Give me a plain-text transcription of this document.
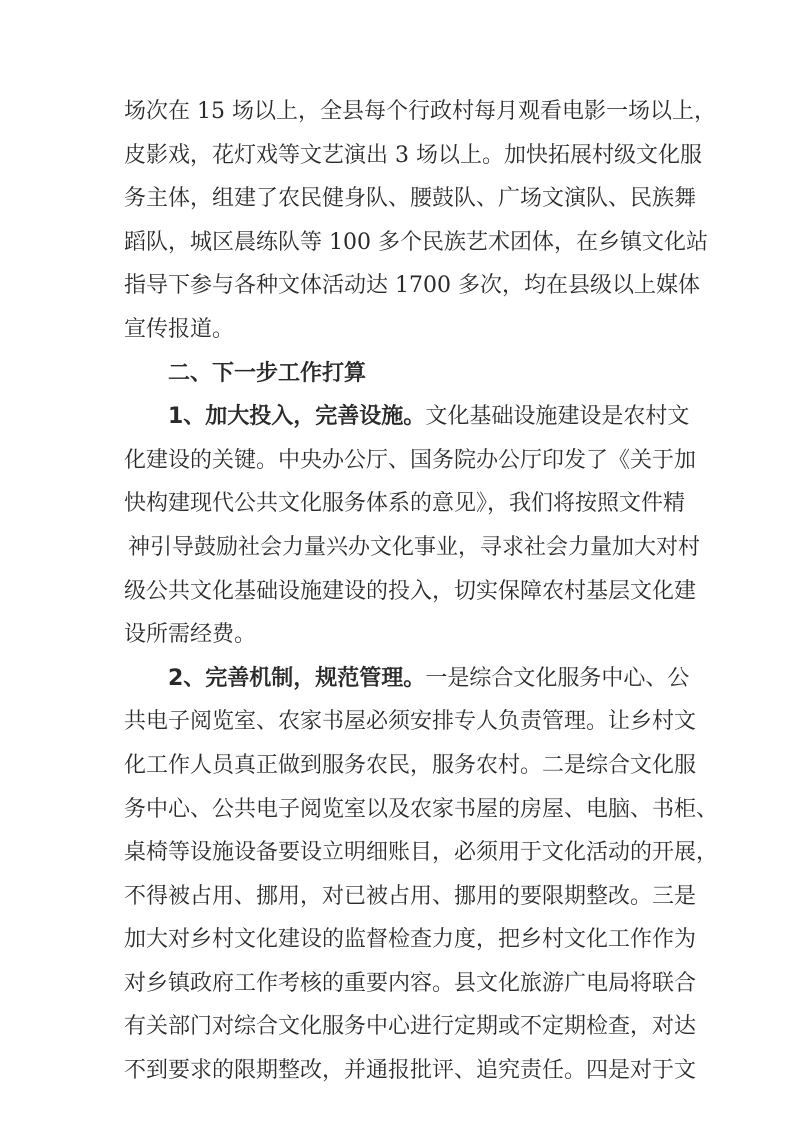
场次在 15 场以上，全县每个行政村每月观看电影一场以上，
皮影戏，花灯戏等文艺演出 3 场以上。加快拓展村级文化服
务主体，组建了农民健身队、腰鼓队、广场文演队、民族舞
蹈队，城区晨练队等 100 多个民族艺术团体，在乡镇文化站
指导下参与各种文体活动达 1700 多次，均在县级以上媒体
宣传报道。
二、下一步工作打算
1、加大投入，完善设施。文化基础设施建设是农村文
化建设的关键。中央办公厅、国务院办公厅印发了《关于加
快构建现代公共文化服务体系的意见》，我们将按照文件精
神引导鼓励社会力量兴办文化事业，寻求社会力量加大对村
级公共文化基础设施建设的投入，切实保障农村基层文化建
设所需经费。
2、完善机制，规范管理。一是综合文化服务中心、公
共电子阅览室、农家书屋必须安排专人负责管理。让乡村文
化工作人员真正做到服务农民，服务农村。二是综合文化服
务中心、公共电子阅览室以及农家书屋的房屋、电脑、书柜、
桌椅等设施设备要设立明细账目，必须用于文化活动的开展，
不得被占用、挪用，对已被占用、挪用的要限期整改。三是
加大对乡村文化建设的监督检查力度，把乡村文化工作作为
对乡镇政府工作考核的重要内容。县文化旅游广电局将联合
有关部门对综合文化服务中心进行定期或不定期检查，对达
不到要求的限期整改，并通报批评、追究责任。四是对于文
